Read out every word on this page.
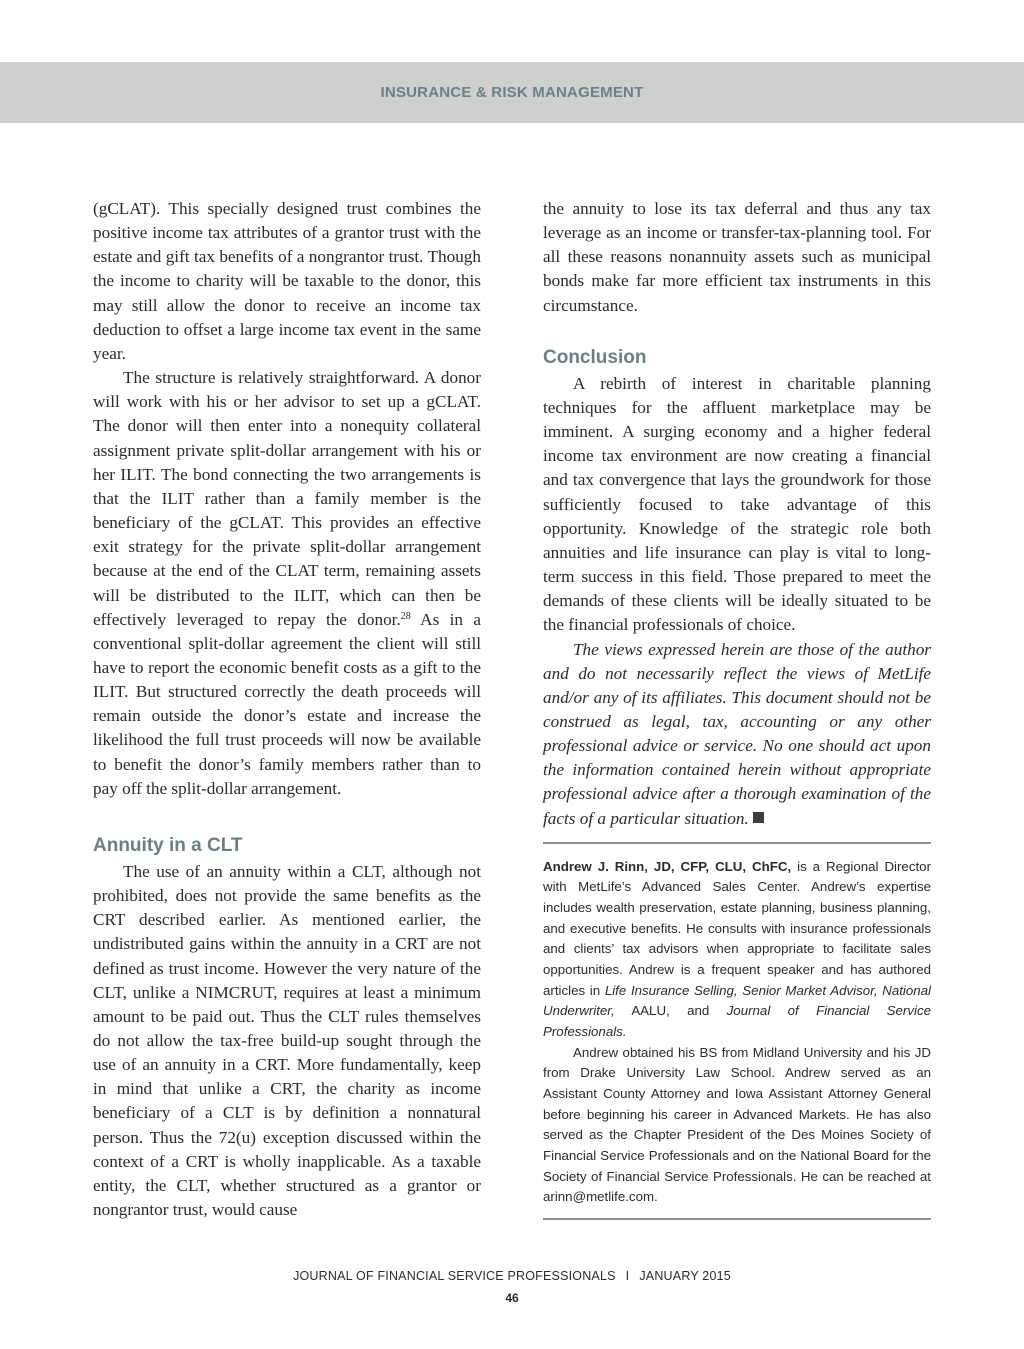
INSURANCE & RISK MANAGEMENT

(gCLAT). This specially designed trust combines the positive income tax attributes of a grantor trust with the estate and gift tax benefits of a nongrantor trust. Though the income to charity will be taxable to the donor, this may still allow the donor to receive an income tax deduction to offset a large income tax event in the same year.

The structure is relatively straightforward. A donor will work with his or her advisor to set up a gCLAT. The donor will then enter into a nonequity collateral assignment private split-dollar arrangement with his or her ILIT. The bond connecting the two arrangements is that the ILIT rather than a family member is the beneficiary of the gCLAT. This provides an effective exit strategy for the private split-dollar arrangement because at the end of the CLAT term, remaining assets will be distributed to the ILIT, which can then be effectively leveraged to repay the donor.$^{28}$ As in a conventional split-dollar agreement the client will still have to report the economic benefit costs as a gift to the ILIT. But structured correctly the death proceeds will remain outside the donor’s estate and increase the likelihood the full trust proceeds will now be available to benefit the donor’s family members rather than to pay off the split-dollar arrangement.

Annuity in a CLT

The use of an annuity within a CLT, although not prohibited, does not provide the same benefits as the CRT described earlier. As mentioned earlier, the undistributed gains within the annuity in a CRT are not defined as trust income. However the very nature of the CLT, unlike a NIMCRUT, requires at least a minimum amount to be paid out. Thus the CLT rules themselves do not allow the tax-free build-up sought through the use of an annuity in a CRT. More fundamentally, keep in mind that unlike a CRT, the charity as income beneficiary of a CLT is by definition a nonnatural person. Thus the 72(u) exception discussed within the context of a CRT is wholly inapplicable. As a taxable entity, the CLT, whether structured as a grantor or nongrantor trust, would cause

the annuity to lose its tax deferral and thus any tax leverage as an income or transfer-tax-planning tool. For all these reasons nonannuity assets such as municipal bonds make far more efficient tax instruments in this circumstance.

Conclusion

A rebirth of interest in charitable planning techniques for the affluent marketplace may be imminent. A surging economy and a higher federal income tax environment are now creating a financial and tax convergence that lays the groundwork for those sufficiently focused to take advantage of this opportunity. Knowledge of the strategic role both annuities and life insurance can play is vital to long-term success in this field. Those prepared to meet the demands of these clients will be ideally situated to be the financial professionals of choice.

The views expressed herein are those of the author and do not necessarily reflect the views of MetLife and/or any of its affiliates. This document should not be construed as legal, tax, accounting or any other professional advice or service. No one should act upon the information contained herein without appropriate professional advice after a thorough examination of the facts of a particular situation.

Andrew J. Rinn, JD, CFP, CLU, ChFC, is a Regional Director with MetLife’s Advanced Sales Center. Andrew’s expertise includes wealth preservation, estate planning, business planning, and executive benefits. He consults with insurance professionals and clients’ tax advisors when appropriate to facilitate sales opportunities. Andrew is a frequent speaker and has authored articles in Life Insurance Selling, Senior Market Advisor, National Underwriter, AALU, and Journal of Financial Service Professionals.

Andrew obtained his BS from Midland University and his JD from Drake University Law School. Andrew served as an Assistant County Attorney and Iowa Assistant Attorney General before beginning his career in Advanced Markets. He has also served as the Chapter President of the Des Moines Society of Financial Service Professionals and on the National Board for the Society of Financial Service Professionals. He can be reached at arinn@metlife.com.

JOURNAL OF FINANCIAL SERVICE PROFESSIONALS I JANUARY 2015
46
